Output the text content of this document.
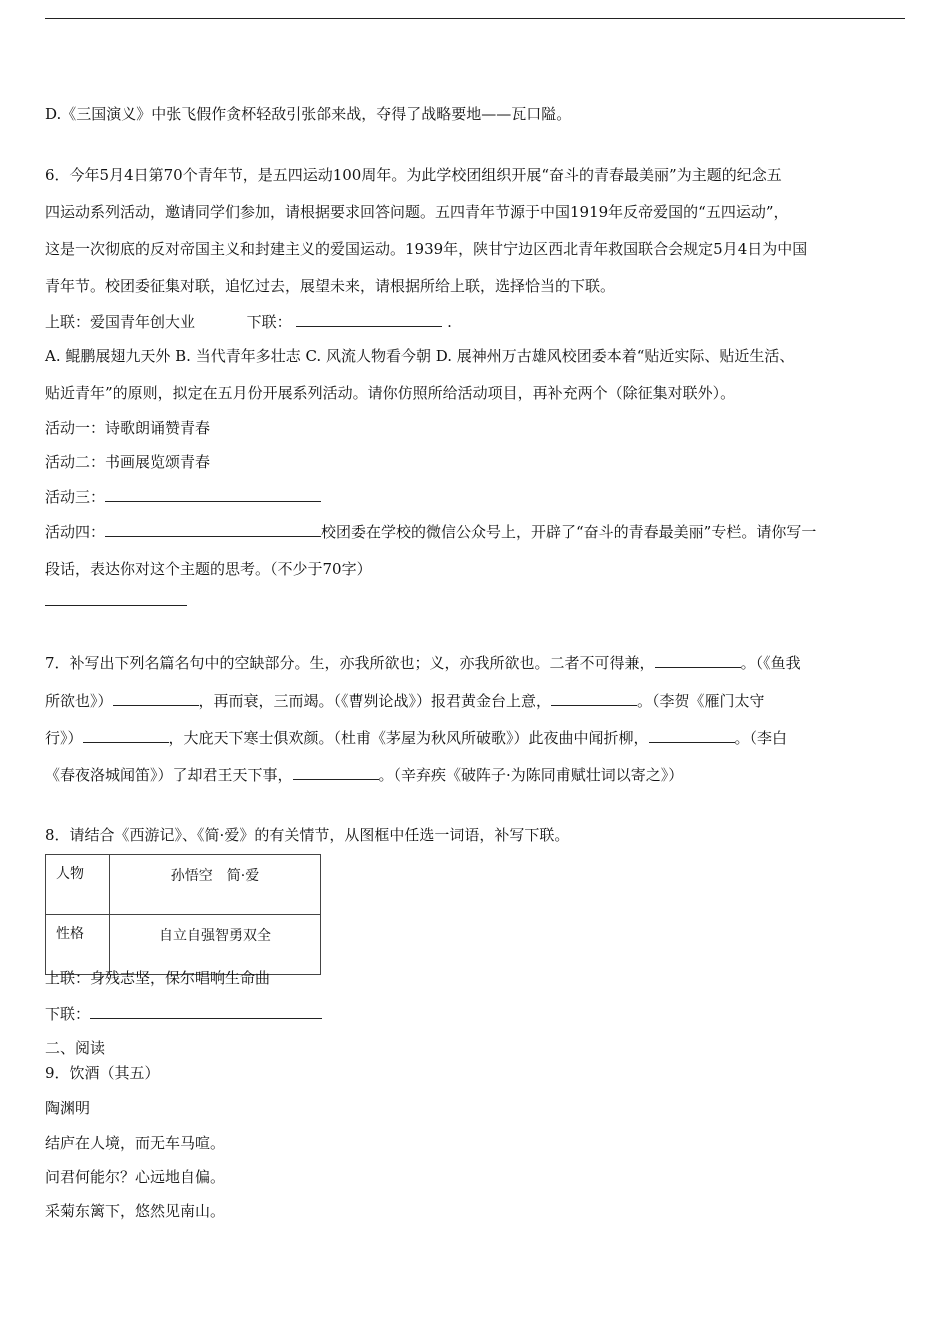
D.《三国演义》中张飞假作贪杯轻敌引张郃来战，夺得了战略要地——瓦口隘。
6．今年5月4日第70个青年节，是五四运动100周年。为此学校团组织开展“奋斗的青春最美丽”为主题的纪念五
四运动系列活动，邀请同学们参加，请根据要求回答问题。五四青年节源于中国1919年反帝爱国的“五四运动”，
这是一次彻底的反对帝国主义和封建主义的爱国运动。1939年，陕甘宁边区西北青年救国联合会规定5月4日为中国
青年节。校团委征集对联，追忆过去，展望未来，请根据所给上联，选择恰当的下联。
上联：爱国青年创大业	下联：	.
A. 鲲鹏展翅九天外 B. 当代青年多壮志 C. 风流人物看今朝 D. 展神州万古雄风校团委本着“贴近实际、贴近生活、
贴近青年”的原则，拟定在五月份开展系列活动。请你仿照所给活动项目，再补充两个（除征集对联外）。
活动一：诗歌朗诵赞青春
活动二：书画展览颂青春
活动三：
活动四：	校团委在学校的微信公众号上，开辟了“奋斗的青春最美丽”专栏。请你写一
段话，表达你对这个主题的思考。（不少于70字）
7．补写出下列名篇名句中的空缺部分。生，亦我所欲也；义，亦我所欲也。二者不可得兼，	。（《鱼我
所欲也》）	，再而衰，三而竭。（《曹刿论战》）报君黄金台上意，	。（李贺《雁门太守
行》）	，大庇天下寒士俱欢颜。（杜甫《茅屋为秋风所破歌》）此夜曲中闻折柳，	。（李白
《春夜洛城闻笛》）了却君王天下事，	。（辛弃疾《破阵子·为陈同甫赋壮词以寄之》）
8．请结合《西游记》、《简·爱》的有关情节，从图框中任选一词语，补写下联。
人物	孙悟空　简·爱
性格	自立自强智勇双全
上联：身残志坚，保尔唱响生命曲
下联：
二、阅读
9．饮酒（其五）
陶渊明
结庐在人境，而无车马喧。
问君何能尔？心远地自偏。
采菊东篱下，悠然见南山。
